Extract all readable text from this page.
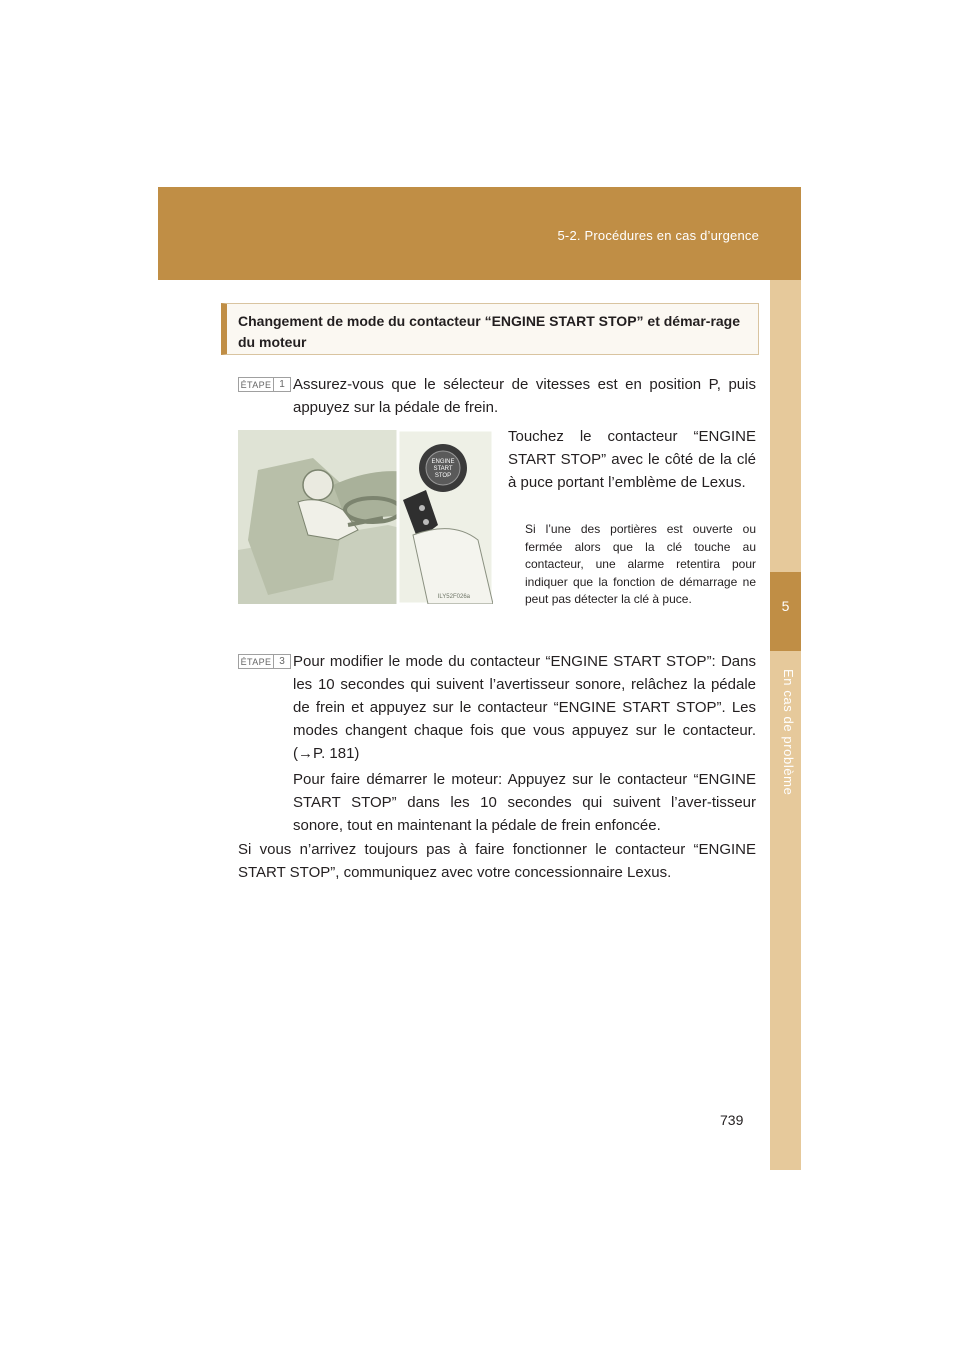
5-2. Procédures en cas d’urgence
5
En cas de problème
Changement de mode du contacteur “ENGINE START STOP” et démar-rage du moteur
ÉTAPE 1 Assurez-vous que le sélecteur de vitesses est en position P, puis appuyez sur la pédale de frein.
ENGINE
START
STOP
ILY52F026a
Touchez le contacteur “ENGINE START STOP” avec le côté de la clé à puce portant l’emblème de Lexus.
Si l’une des portières est ouverte ou fermée alors que la clé touche au contacteur, une alarme retentira pour indiquer que la fonction de démarrage ne peut pas détecter la clé à puce.
ÉTAPE 3 Pour modifier le mode du contacteur “ENGINE START STOP”: Dans les 10 secondes qui suivent l’avertisseur sonore, relâchez la pédale de frein et appuyez sur le contacteur “ENGINE START STOP”. Les modes changent chaque fois que vous appuyez sur le contacteur. (→P. 181)
Pour faire démarrer le moteur: Appuyez sur le contacteur “ENGINE START STOP” dans les 10 secondes qui suivent l’aver-tisseur sonore, tout en maintenant la pédale de frein enfoncée.
Si vous n’arrivez toujours pas à faire fonctionner le contacteur “ENGINE START STOP”, communiquez avec votre concessionnaire Lexus.
739
